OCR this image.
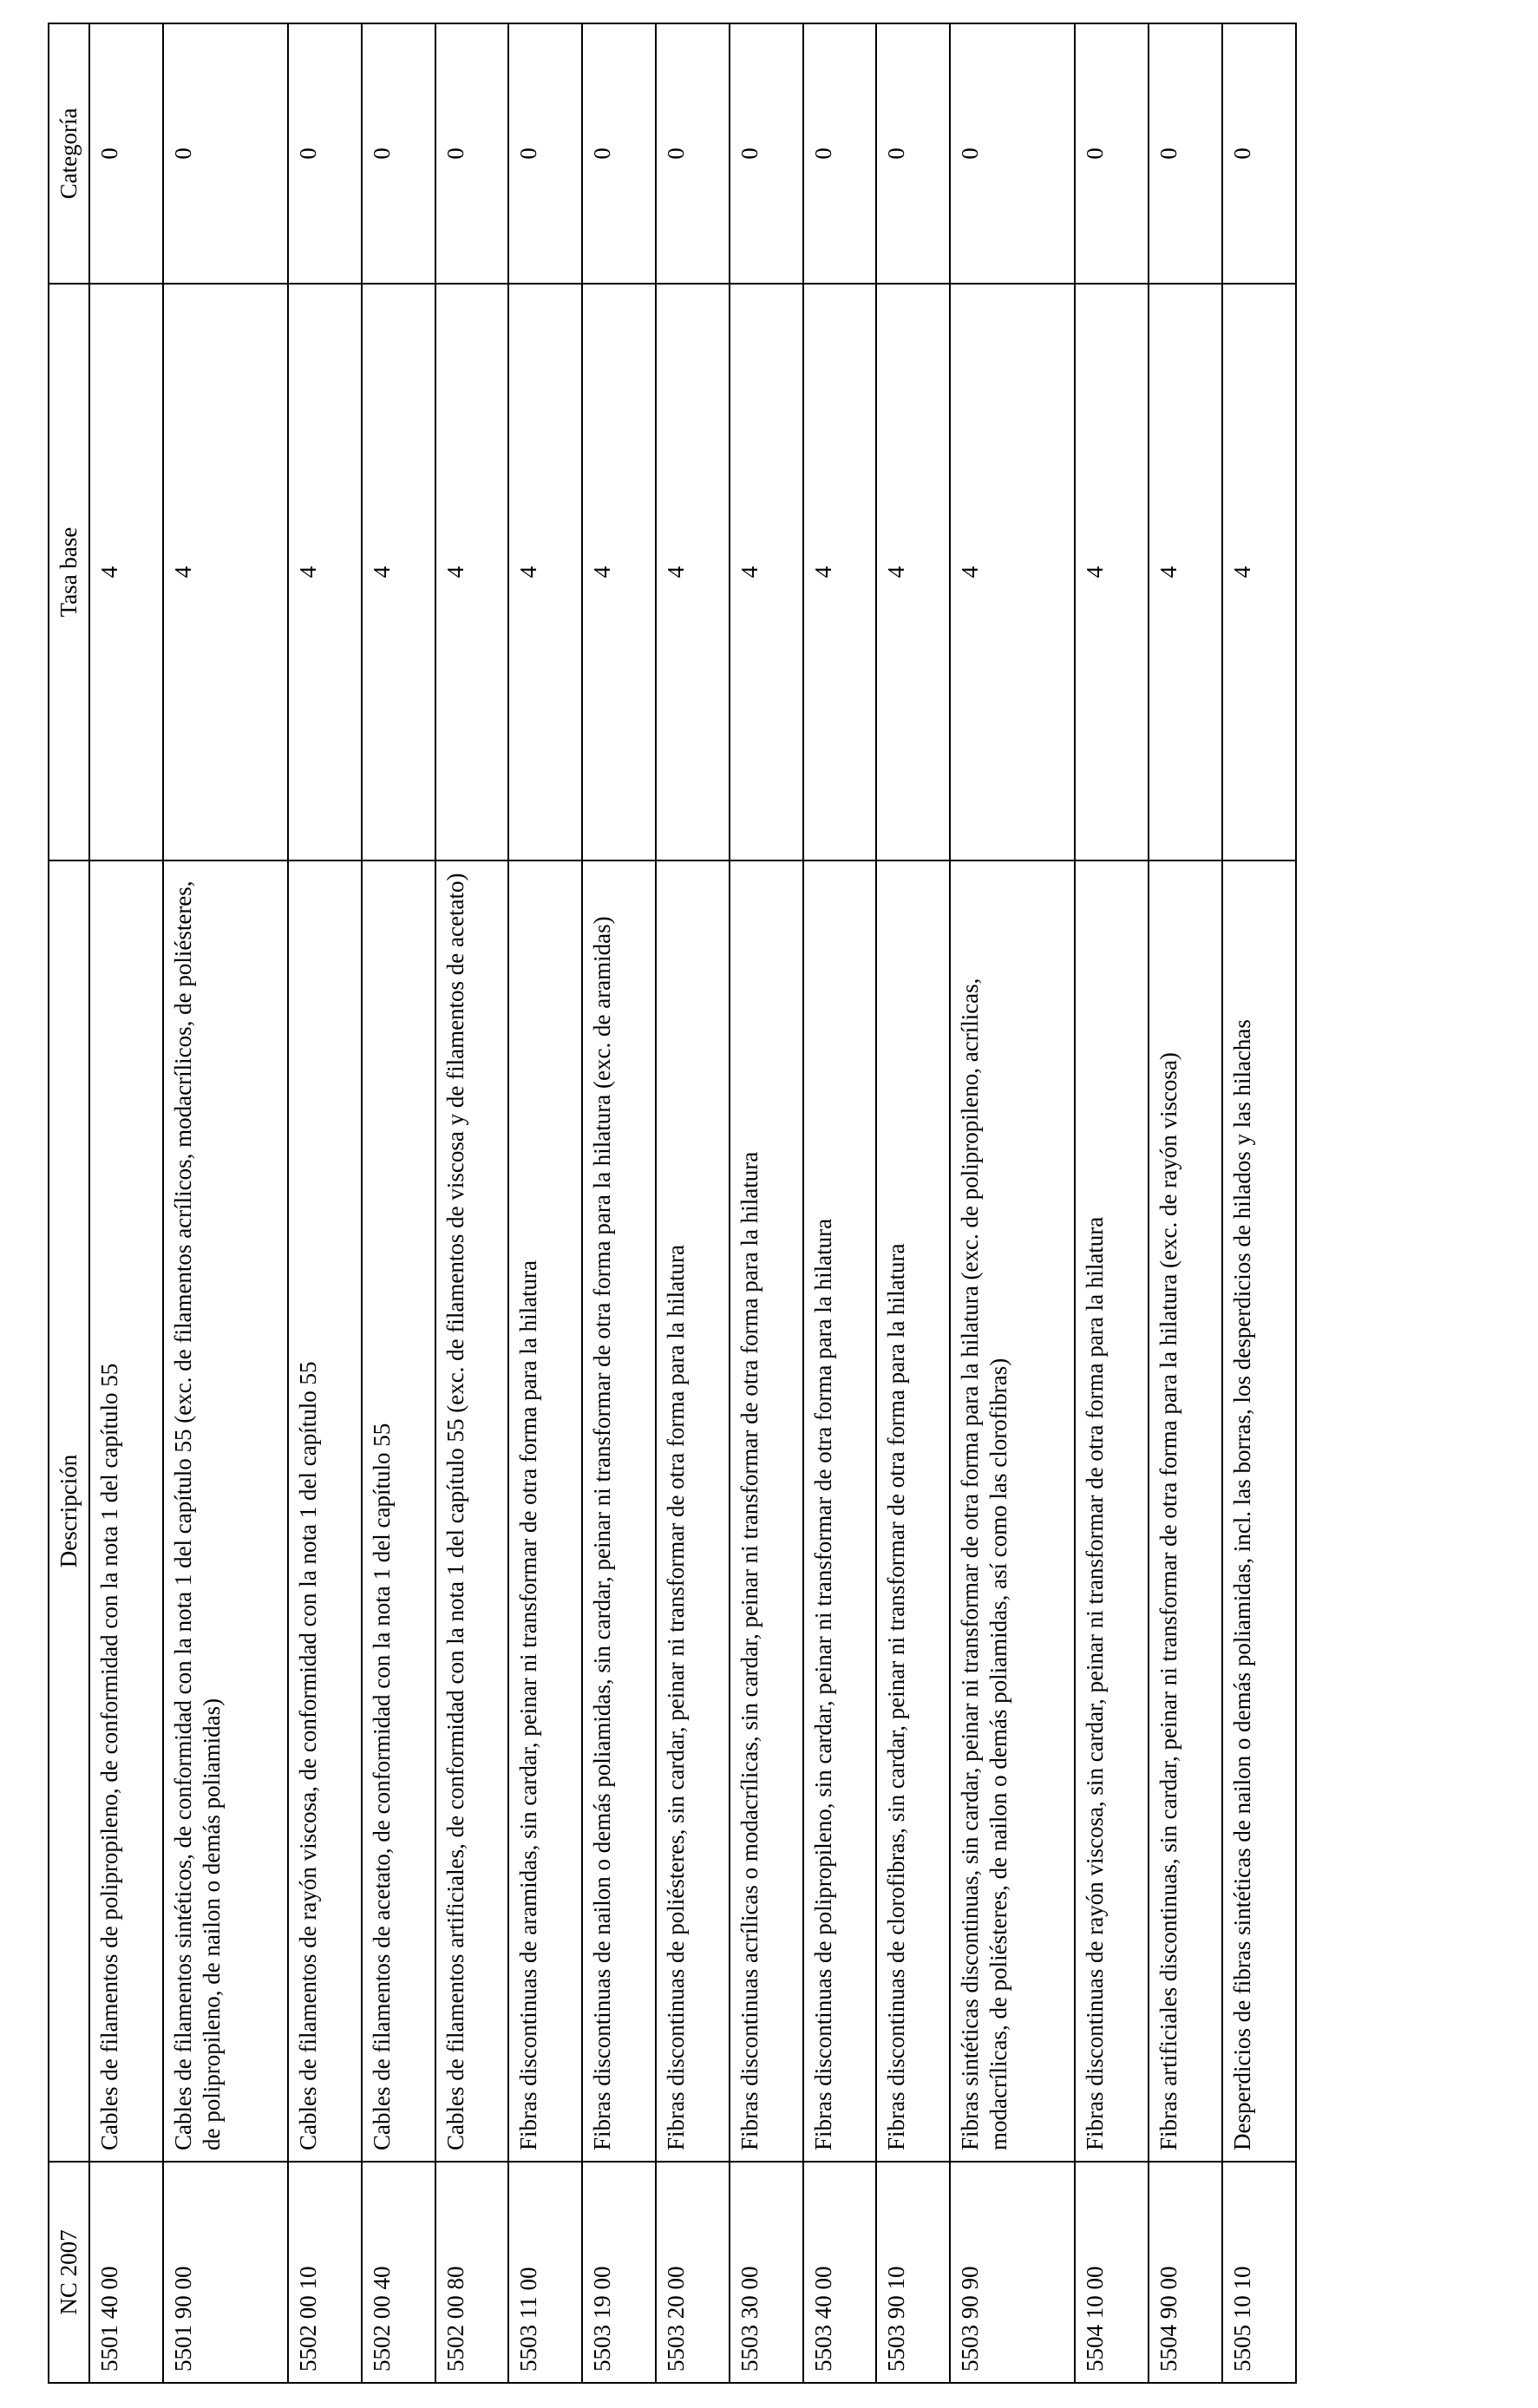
NC 2007	Descripción	Tasa base	Categoría
5501 40 00	Cables de filamentos de polipropileno, de conformidad con la nota 1 del capítulo 55	4	0
5501 90 00	Cables de filamentos sintéticos, de conformidad con la nota 1 del capítulo 55 (exc. de filamentos acrílicos, modacrílicos, de poliésteres, de polipropileno, de nailon o demás poliamidas)	4	0
5502 00 10	Cables de filamentos de rayón viscosa, de conformidad con la nota 1 del capítulo 55	4	0
5502 00 40	Cables de filamentos de acetato, de conformidad con la nota 1 del capítulo 55	4	0
5502 00 80	Cables de filamentos artificiales, de conformidad con la nota 1 del capítulo 55 (exc. de filamentos de viscosa y de filamentos de acetato)	4	0
5503 11 00	Fibras discontinuas de aramidas, sin cardar, peinar ni transformar de otra forma para la hilatura	4	0
5503 19 00	Fibras discontinuas de nailon o demás poliamidas, sin cardar, peinar ni transformar de otra forma para la hilatura (exc. de aramidas)	4	0
5503 20 00	Fibras discontinuas de poliésteres, sin cardar, peinar ni transformar de otra forma para la hilatura	4	0
5503 30 00	Fibras discontinuas acrílicas o modacrílicas, sin cardar, peinar ni transformar de otra forma para la hilatura	4	0
5503 40 00	Fibras discontinuas de polipropileno, sin cardar, peinar ni transformar de otra forma para la hilatura	4	0
5503 90 10	Fibras discontinuas de clorofibras, sin cardar, peinar ni transformar de otra forma para la hilatura	4	0
5503 90 90	Fibras sintéticas discontinuas, sin cardar, peinar ni transformar de otra forma para la hilatura (exc. de polipropileno, acrílicas, modacrílicas, de poliésteres, de nailon o demás poliamidas, así como las clorofibras)	4	0
5504 10 00	Fibras discontinuas de rayón viscosa, sin cardar, peinar ni transformar de otra forma para la hilatura	4	0
5504 90 00	Fibras artificiales discontinuas, sin cardar, peinar ni transformar de otra forma para la hilatura (exc. de rayón viscosa)	4	0
5505 10 10	Desperdicios de fibras sintéticas de nailon o demás poliamidas, incl. las borras, los desperdicios de hilados y las hilachas	4	0
